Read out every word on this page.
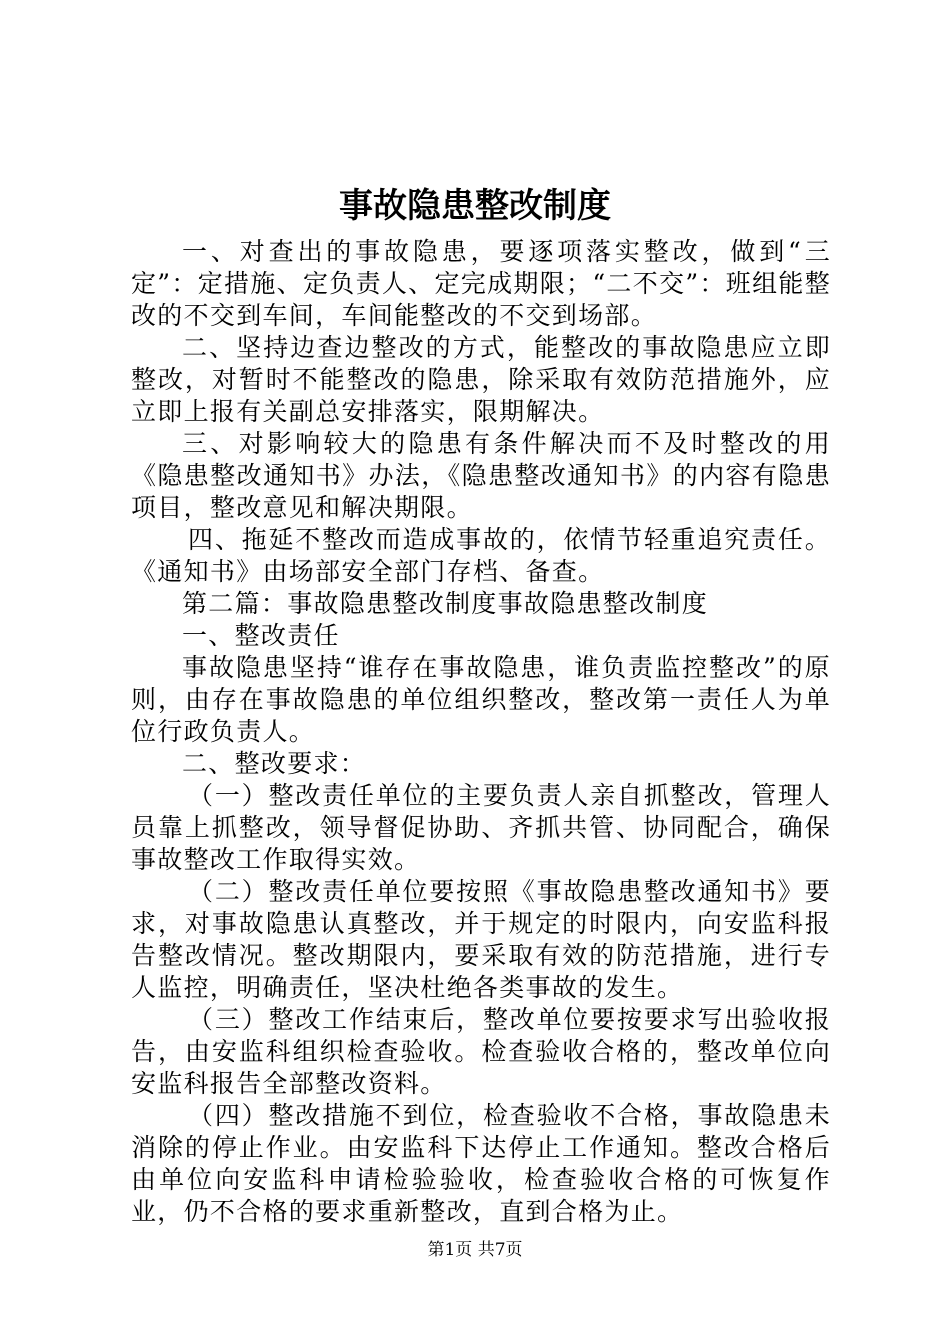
事故隐患整改制度

一、对查出的事故隐患，要逐项落实整改，做到“三定”：定措施、定负责人、定完成期限；“二不交”：班组能整改的不交到车间，车间能整改的不交到场部。

二、坚持边查边整改的方式，能整改的事故隐患应立即整改，对暂时不能整改的隐患，除采取有效防范措施外，应立即上报有关副总安排落实，限期解决。

三、对影响较大的隐患有条件解决而不及时整改的用《隐患整改通知书》办法，《隐患整改通知书》的内容有隐患项目，整改意见和解决期限。

四、拖延不整改而造成事故的，依情节轻重追究责任。《通知书》由场部安全部门存档、备查。

第二篇：事故隐患整改制度事故隐患整改制度

一、整改责任

事故隐患坚持“谁存在事故隐患，谁负责监控整改”的原则，由存在事故隐患的单位组织整改，整改第一责任人为单位行政负责人。

二、整改要求：

（一）整改责任单位的主要负责人亲自抓整改，管理人员靠上抓整改，领导督促协助、齐抓共管、协同配合，确保事故整改工作取得实效。

（二）整改责任单位要按照《事故隐患整改通知书》要求，对事故隐患认真整改，并于规定的时限内，向安监科报告整改情况。整改期限内，要采取有效的防范措施，进行专人监控，明确责任，坚决杜绝各类事故的发生。

（三）整改工作结束后，整改单位要按要求写出验收报告，由安监科组织检查验收。检查验收合格的，整改单位向安监科报告全部整改资料。

（四）整改措施不到位，检查验收不合格，事故隐患未消除的停止作业。由安监科下达停止工作通知。整改合格后由单位向安监科申请检验验收，检查验收合格的可恢复作业，仍不合格的要求重新整改，直到合格为止。

第1页 共7页
